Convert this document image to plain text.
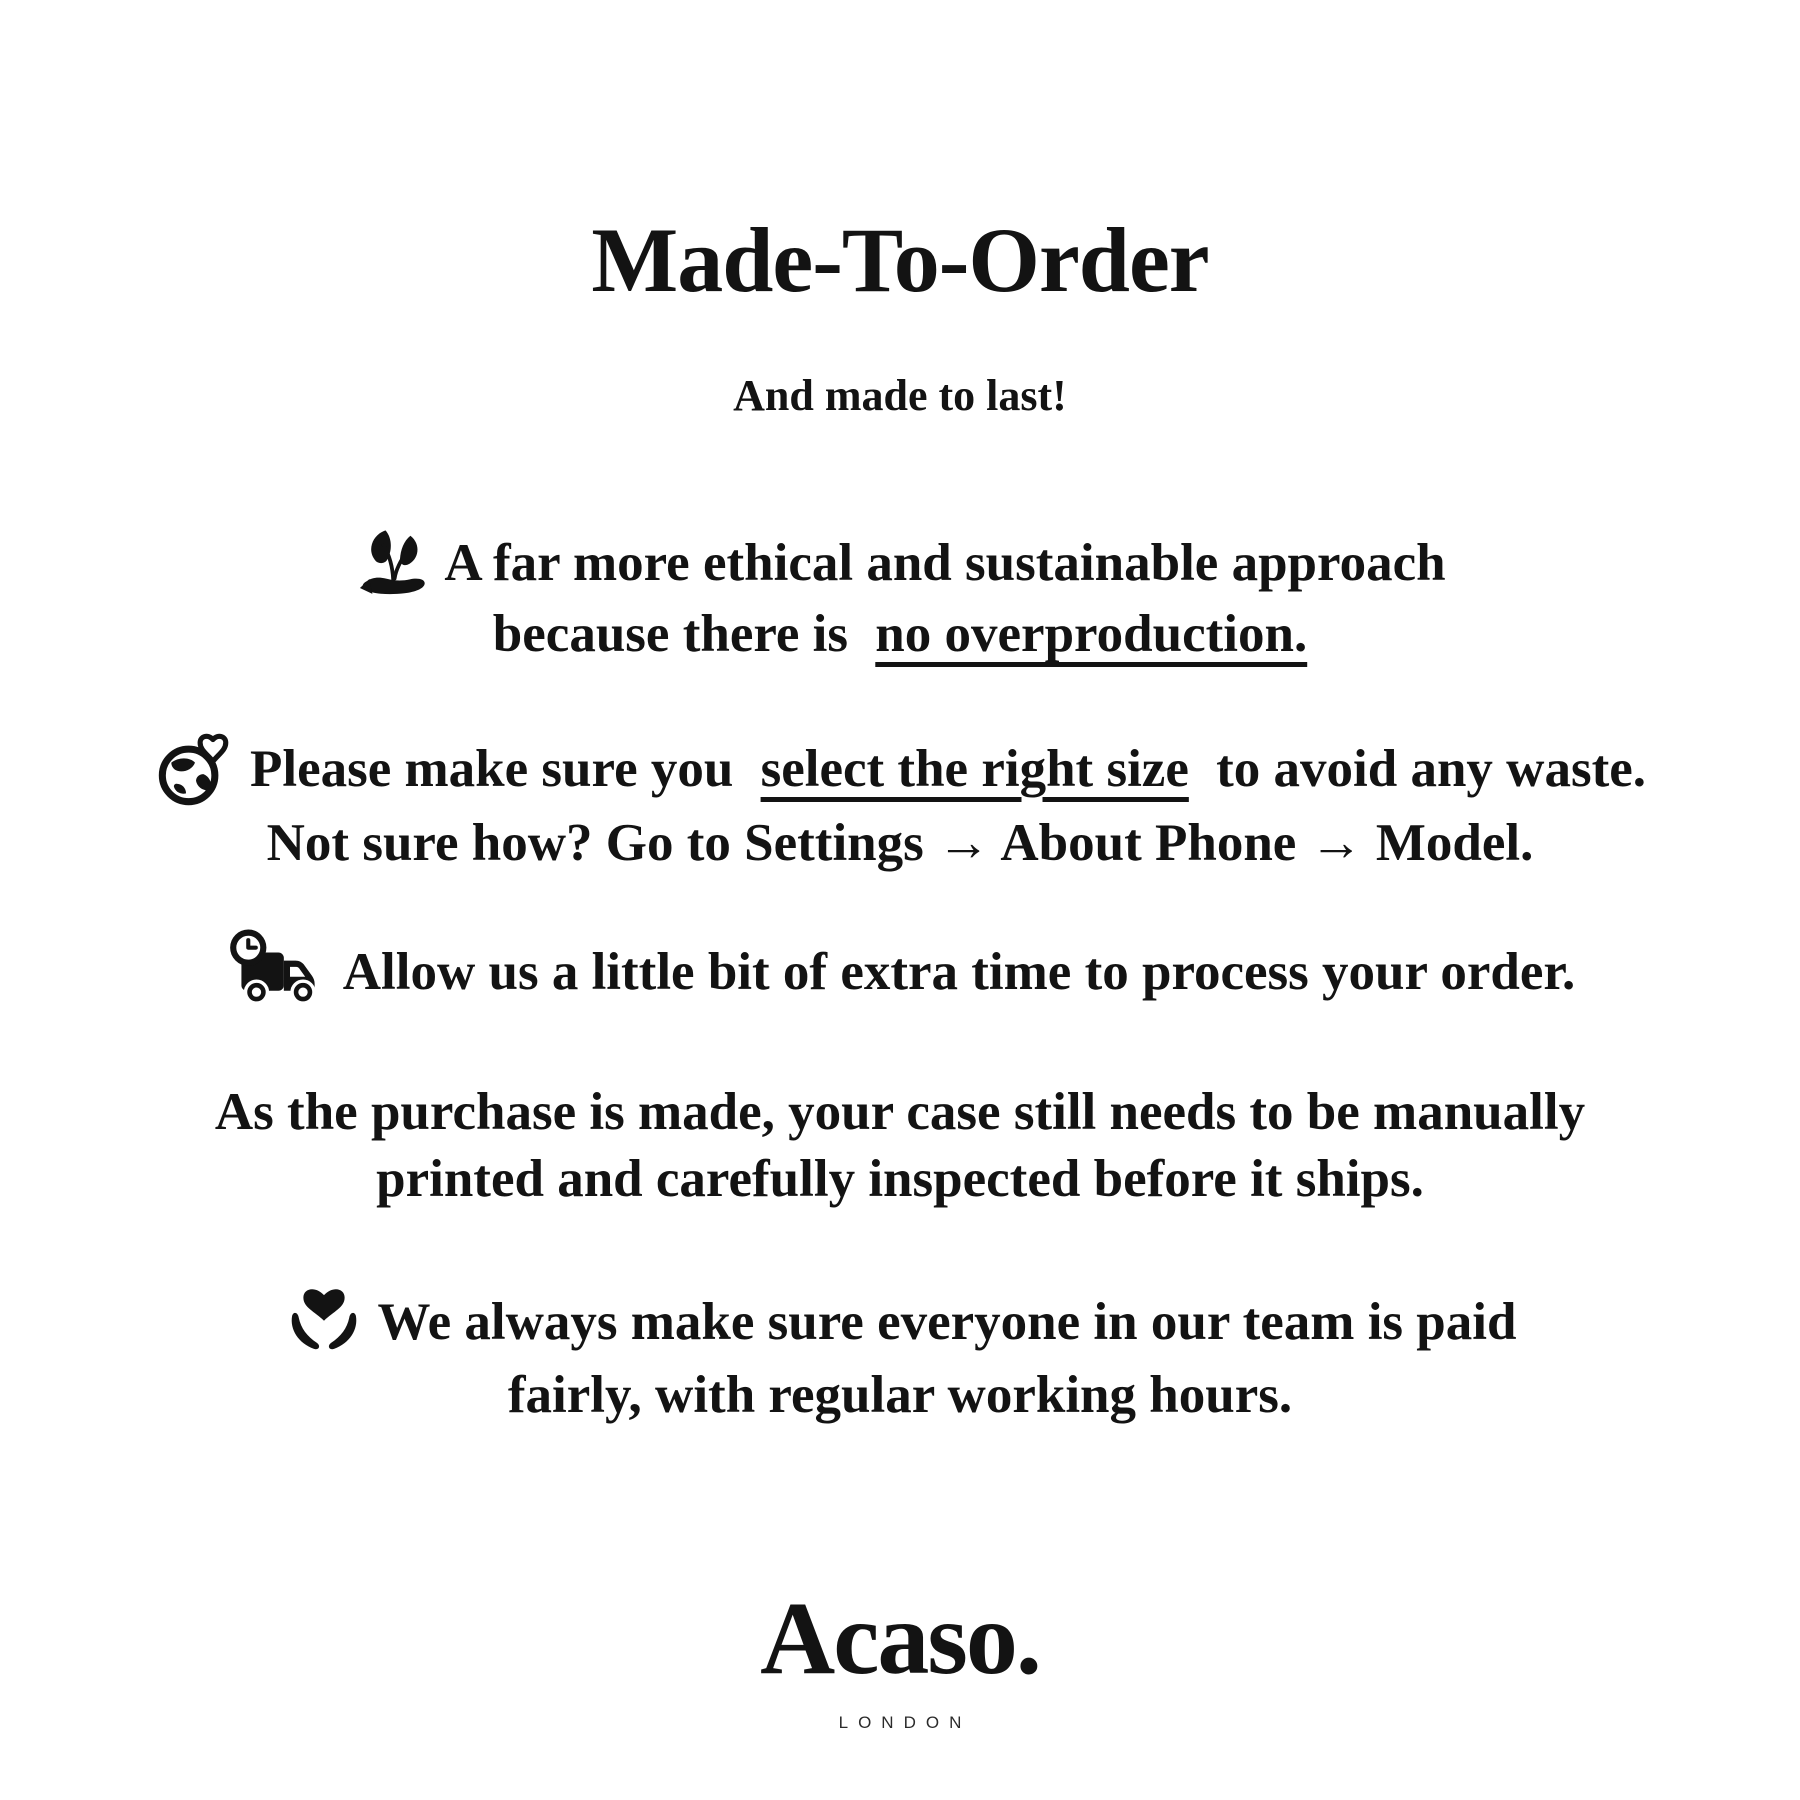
Made-To-Order
And made to last!
A far more ethical and sustainable approach
because there is no overproduction.
Please make sure you select the right size to avoid any waste.
Not sure how? Go to Settings → About Phone → Model.
Allow us a little bit of extra time to process your order.
As the purchase is made, your case still needs to be manually
printed and carefully inspected before it ships.
We always make sure everyone in our team is paid
fairly, with regular working hours.
Acaso.
LONDON
